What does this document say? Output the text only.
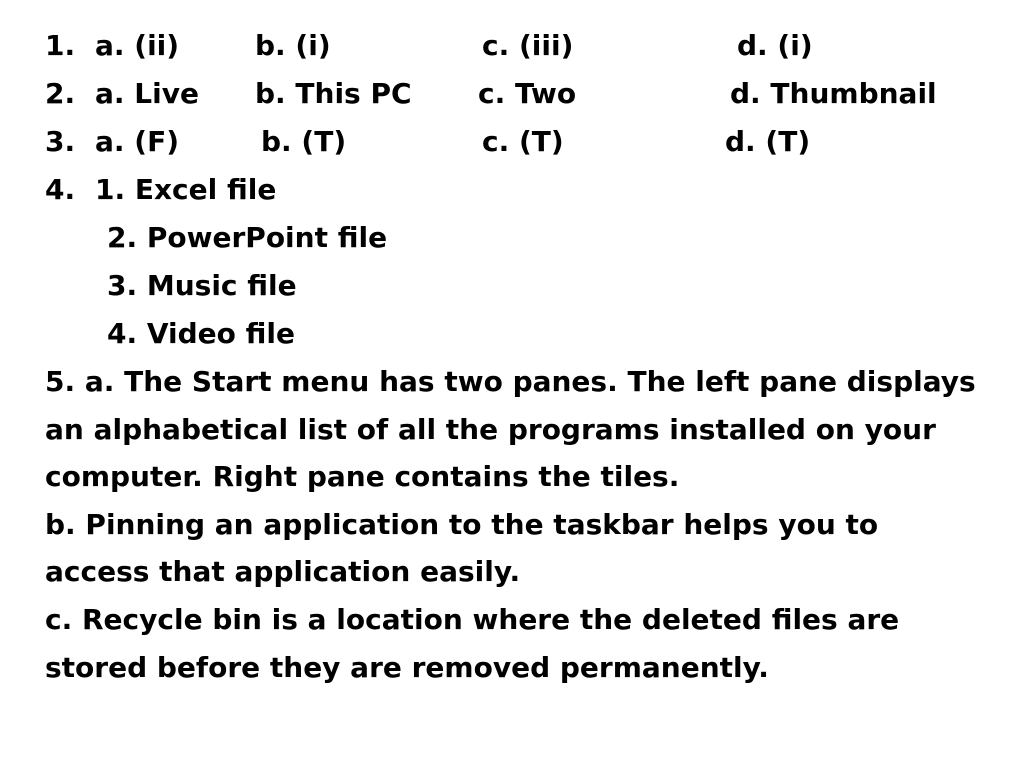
1. a. (ii)	b. (i)	c. (iii)	d. (i)
2. a. Live b. This PC c. Two	d. Thumbnail
3. a. (F)	b. (T)	c. (T)	d. (T)
4. 1. Excel file
2. PowerPoint file
3. Music file
4. Video file
5. a. The Start menu has two panes. The left pane displays an alphabetical list of all the programs installed on your computer. Right pane contains the tiles.
b. Pinning an application to the taskbar helps you to access that application easily.
c. Recycle bin is a location where the deleted files are stored before they are removed permanently.
